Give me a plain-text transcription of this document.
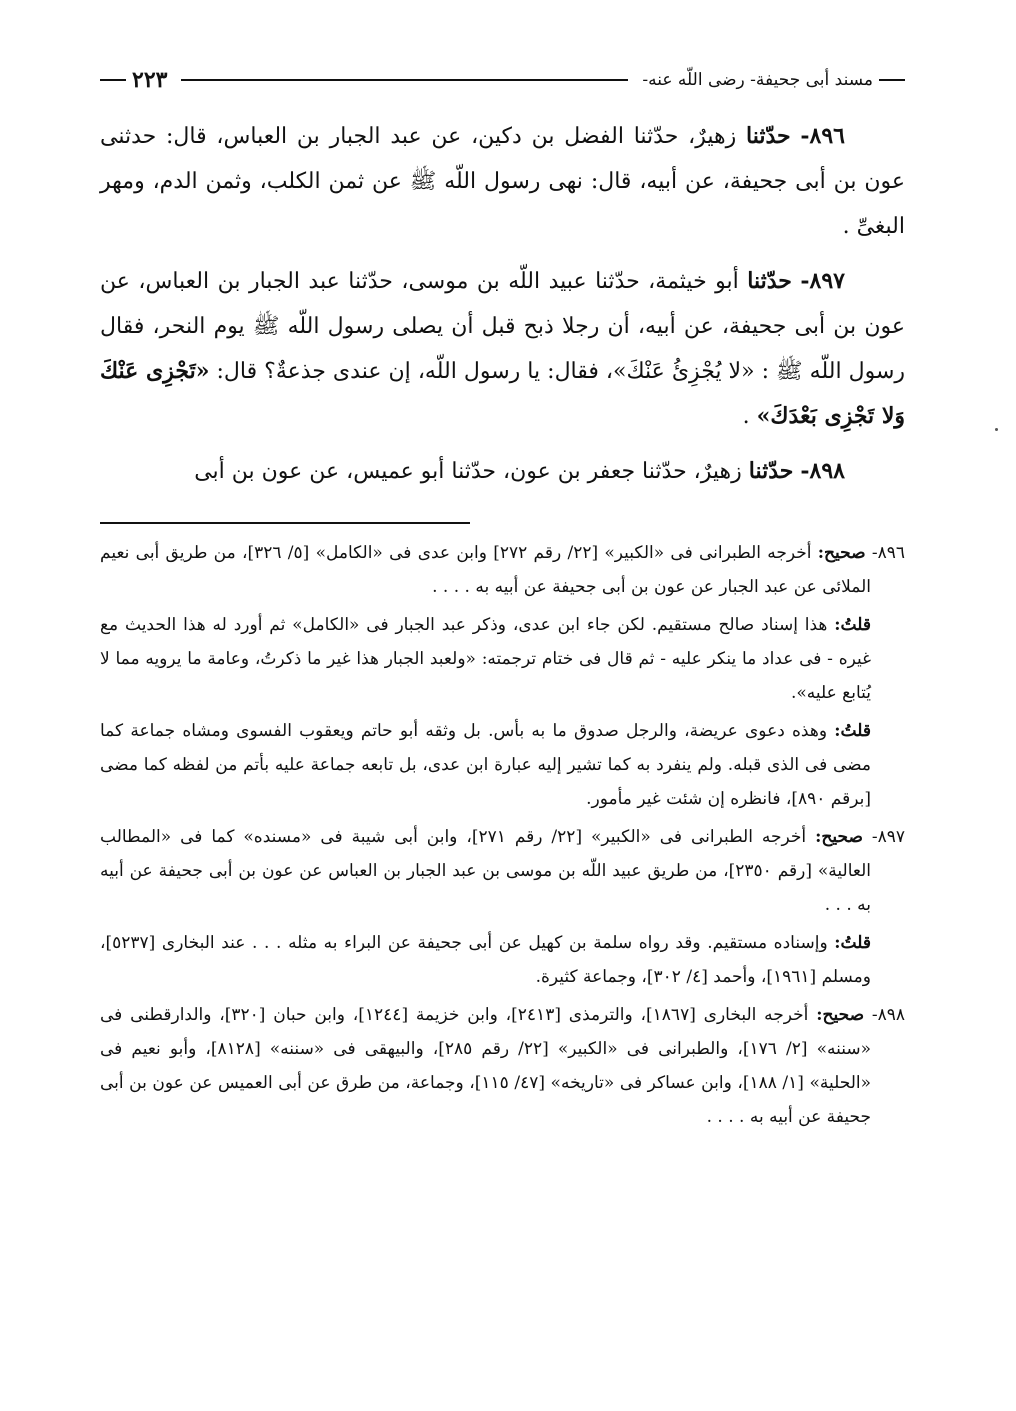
مسند أبى جحيفة- رضى اللّه عنه-
٢٢٣

٨٩٦- حدّثنا زهيرٌ، حدّثنا الفضل بن دكين، عن عبد الجبار بن العباس، قال: حدثنى عون بن أبى جحيفة، عن أبيه، قال: نهى رسول اللّه ﷺ عن ثمن الكلب، وثمن الدم، ومهر البغىِّ .

٨٩٧- حدّثنا أبو خيثمة، حدّثنا عبيد اللّه بن موسى، حدّثنا عبد الجبار بن العباس، عن عون بن أبى جحيفة، عن أبيه، أن رجلا ذبح قبل أن يصلى رسول اللّه ﷺ يوم النحر، فقال رسول اللّه ﷺ : «لا يُجْزِئُ عَنْكَ»، فقال: يا رسول اللّه، إن عندى جذعةٌ؟ قال: «تَجْزِى عَنْكَ وَلا تَجْزِى بَعْدَكَ» .

٨٩٨- حدّثنا زهيرٌ، حدّثنا جعفر بن عون، حدّثنا أبو عميس، عن عون بن أبى

٨٩٦- صحيح: أخرجه الطبرانى فى «الكبير» [٢٢/ رقم ٢٧٢] وابن عدى فى «الكامل» [٥/ ٣٢٦]، من طريق أبى نعيم الملائى عن عبد الجبار عن عون بن أبى جحيفة عن أبيه به . . . .

قلتُ: هذا إسناد صالح مستقيم. لكن جاء ابن عدى، وذكر عبد الجبار فى «الكامل» ثم أورد له هذا الحديث مع غيره - فى عداد ما ينكر عليه - ثم قال فى ختام ترجمته: «ولعبد الجبار هذا غير ما ذكرتُ، وعامة ما يرويه مما لا يُتابع عليه».

قلتُ: وهذه دعوى عريضة، والرجل صدوق ما به بأس. بل وثقه أبو حاتم ويعقوب الفسوى ومشاه جماعة كما مضى فى الذى قبله. ولم ينفرد به كما تشير إليه عبارة ابن عدى، بل تابعه جماعة عليه بأتم من لفظه كما مضى [برقم ٨٩٠]، فانظره إن شئت غير مأمور.

٨٩٧- صحيح: أخرجه الطبرانى فى «الكبير» [٢٢/ رقم ٢٧١]، وابن أبى شيبة فى «مسنده» كما فى «المطالب العالية» [رقم ٢٣٥٠]، من طريق عبيد اللّه بن موسى بن عبد الجبار بن العباس عن عون بن أبى جحيفة عن أبيه به . . .

قلتُ: وإسناده مستقيم. وقد رواه سلمة بن كهيل عن أبى جحيفة عن البراء به مثله . . . عند البخارى [٥٢٣٧]، ومسلم [١٩٦١]، وأحمد [٤/ ٣٠٢]، وجماعة كثيرة.

٨٩٨- صحيح: أخرجه البخارى [١٨٦٧]، والترمذى [٢٤١٣]، وابن خزيمة [١٢٤٤]، وابن حبان [٣٢٠]، والدارقطنى فى «سننه» [٢/ ١٧٦]، والطبرانى فى «الكبير» [٢٢/ رقم ٢٨٥]، والبيهقى فى «سننه» [٨١٢٨]، وأبو نعيم فى «الحلية» [١/ ١٨٨]، وابن عساكر فى «تاريخه» [٤٧/ ١١٥]، وجماعة، من طرق عن أبى العميس عن عون بن أبى جحيفة عن أبيه به . . . .
